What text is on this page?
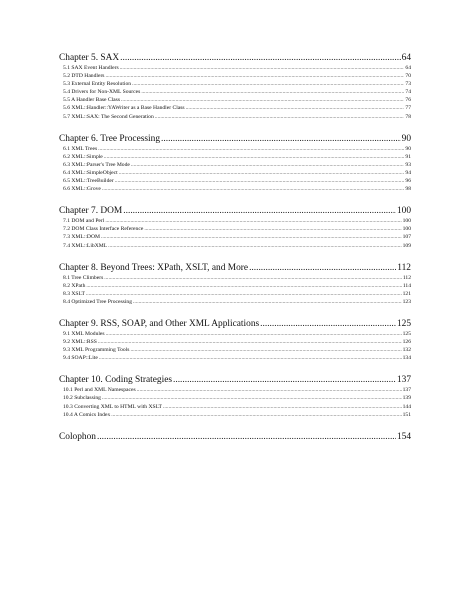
Chapter 5. SAX .....	64
5.1 SAX Event Handlers .....	64
5.2 DTD Handlers .....	70
5.3 External Entity Resolution .....	73
5.4 Drivers for Non-XML Sources .....	74
5.5 A Handler Base Class .....	76
5.6 XML::Handler::YAWriter as a Base Handler Class .....	77
5.7 XML::SAX: The Second Generation .....	78
Chapter 6. Tree Processing .....	90
6.1 XML Trees .....	90
6.2 XML::Simple .....	91
6.3 XML::Parser's Tree Mode .....	93
6.4 XML::SimpleObject .....	94
6.5 XML::TreeBuilder .....	96
6.6 XML::Grove .....	98
Chapter 7. DOM .....	100
7.1 DOM and Perl .....	100
7.2 DOM Class Interface Reference .....	100
7.3 XML::DOM .....	107
7.4 XML::LibXML .....	109
Chapter 8. Beyond Trees: XPath, XSLT, and More .....	112
8.1 Tree Climbers .....	112
8.2 XPath .....	114
8.3 XSLT .....	121
8.4 Optimized Tree Processing .....	123
Chapter 9. RSS, SOAP, and Other XML Applications .....	125
9.1 XML Modules .....	125
9.2 XML::RSS .....	126
9.3 XML Programming Tools .....	132
9.4 SOAP::Lite .....	134
Chapter 10. Coding Strategies .....	137
10.1 Perl and XML Namespaces .....	137
10.2 Subclassing .....	139
10.3 Converting XML to HTML with XSLT .....	144
10.4 A Comics Index .....	151
Colophon .....	154
